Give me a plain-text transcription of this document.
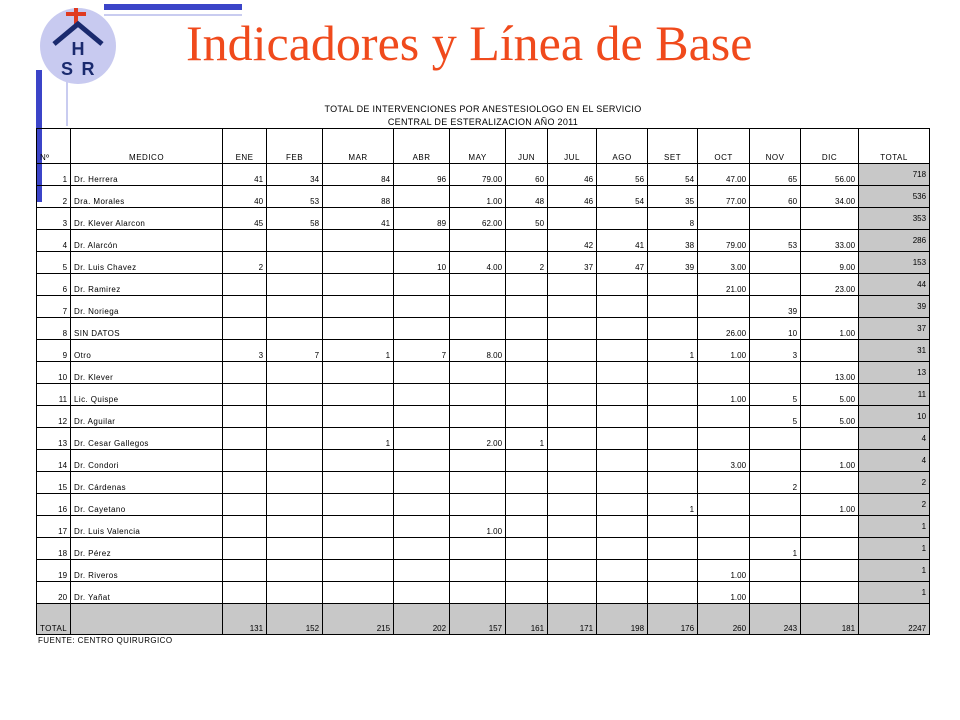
H
S R Indicadores y Línea de Base
TOTAL DE INTERVENCIONES POR ANESTESIOLOGO EN EL SERVICIO
CENTRAL DE ESTERALIZACION AÑO 2011
Nº	MEDICO	ENE	FEB	MAR	ABR	MAY	JUN	JUL	AGO	SET	OCT	NOV	DIC	TOTAL
1	Dr. Herrera	41	34	84	96	79.00	60	46	56	54	47.00	65	56.00	718
2	Dra. Morales	40	53	88		1.00	48	46	54	35	77.00	60	34.00	536
3	Dr. Klever Alarcon	45	58	41	89	62.00	50			8				353
4	Dr. Alarcón							42	41	38	79.00	53	33.00	286
5	Dr. Luis Chavez	2			10	4.00	2	37	47	39	3.00		9.00	153
6	Dr. Ramirez										21.00		23.00	44
7	Dr. Noriega											39		39
8	SIN DATOS										26.00	10	1.00	37
9	Otro	3	7	1	7	8.00				1	1.00	3		31
10	Dr. Klever												13.00	13
11	Lic. Quispe										1.00	5	5.00	11
12	Dr. Aguilar											5	5.00	10
13	Dr. Cesar Gallegos			1		2.00	1							4
14	Dr. Condori										3.00		1.00	4
15	Dr. Cárdenas											2		2
16	Dr. Cayetano									1			1.00	2
17	Dr. Luis Valencia					1.00								1
18	Dr. Pérez											1		1
19	Dr. Riveros										1.00			1
20	Dr. Yañat										1.00			1
TOTAL		131	152	215	202	157	161	171	198	176	260	243	181	2247
FUENTE: CENTRO QUIRURGICO
